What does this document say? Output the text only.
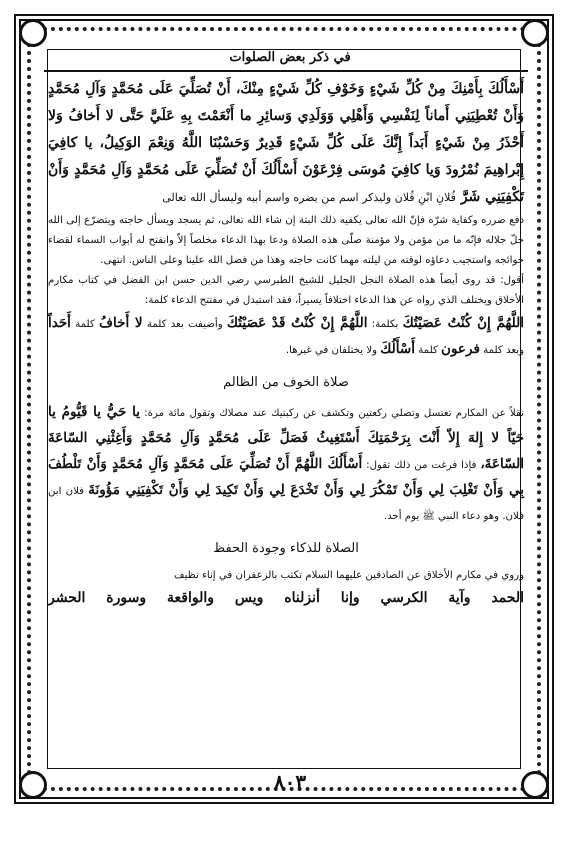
في ذكر بعض الصلوات

أَسْأَلُكَ بِأَمْنِكَ مِنْ كُلِّ شَيْءٍ وَخَوْفِ كُلِّ شَيْءٍ مِنْكَ، أَنْ تُصَلِّيَ عَلَى مُحَمَّدٍ وَآلِ مُحَمَّدٍ وَأَنْ تُعْطِيَنِي أَماناً لِنَفْسِي وَأَهْلِي وَوَلَدِي وَسائِرِ ما أَنْعَمْتَ بِهِ عَلَيَّ حَتَّى لا أَخافُ وَلا أَحْذَرُ مِنْ شَيْءٍ أَبَداً إِنَّكَ عَلَى كُلِّ شَيْءٍ قَدِيرٌ وَحَسْبُنَا اللَّهُ وَنِعْمَ الوَكِيلُ، يا كافِيَ إِبْراهِيمَ نُمْرُودَ وَيا كافِيَ مُوسَى فِرْعَوْنَ أَسْأَلُكَ أَنْ تُصَلِّيَ عَلَى مُحَمَّدٍ وَآلِ مُحَمَّدٍ وَأَنْ تَكْفِيَنِي شَرَّ فُلانِ ابْنِ فُلان ولیذکر اسم من یضره واسم أبیه ولیسأل الله تعالی

دفع ضرره وكفاية شرّه فإنّ الله تعالى يكفيه ذلك البتة إن شاء الله تعالى، ثم يسجد ويسأل حاجته ويتضرّع إلى الله جلّ جلاله فإنّه ما من مؤمن ولا مؤمنة صلّى هذه الصلاة ودعا بهذا الدعاء مخلصاً إلاّ وانفتح له أبواب السماء لقضاء حوائجه واستجيب دعاؤه لوقته من ليلته مهما كانت حاجته وهذا من فضل الله علينا وعلى الناس. انتهى.

أقول: قد روى أيضاً هذه الصلاة النجل الجليل للشيخ الطبرسي رضي الدين حسن ابن الفضل في كتاب مكارم الأخلاق ويختلف الذي رواه عن هذا الدعاء اختلافاً يسيراً، فقد استبدل في مفتتح الدعاء كلمة:

اللَّهُمَّ إِنْ كُنْتُ عَصَيْتُكَ بكلمة: اللَّهُمَّ إِنْ كُنْتُ قَدْ عَصَيْتُكَ وأضيفت بعد كلمة لا أَخافُ كلمة أَحَداً وبعد كلمة فرعون كلمة أَسْأَلُكَ ولا يختلفان في غيرها.

صلاة الخوف من الظالم

نقلاً عن المكارم تغتسل وتصلي ركعتين وتكشف عن ركبتيك عند مصلاك وتقول مائة مرة: يا حَيُّ يا قَيُّومُ يا حَيّاً لا إِلهَ إِلاّ أَنْتَ بِرَحْمَتِكَ أَسْتَغِيثُ فَصَلِّ عَلَى مُحَمَّدٍ وَآلِ مُحَمَّدٍ وَأَغِثْنِي السّاعَةَ السّاعَةَ، فإذا فرغت من ذلك تقول: أَسْأَلُكَ اللَّهُمَّ أَنْ تُصَلِّيَ عَلَى مُحَمَّدٍ وَآلِ مُحَمَّدٍ وَأَنْ تَلْطُفَ بِي وَأَنْ تَغْلِبَ لِي وَأَنْ تَمْكُرَ لِي وَأَنْ تَخْدَعَ لِي وَأَنْ تَكِيدَ لِي وَأَنْ تَكْفِيَنِي مَؤُونَةَ فلان ابن فلان. وهو دعاء النبي ﷺ يوم أحد.

الصلاة للذكاء وجودة الحفظ

وروي في مكارم الأخلاق عن الصادقين عليهما السلام تكتب بالزعفران في إناء نظيف

الحمد وآية الكرسي وإنا أنزلناه ويس والواقعة وسورة الحشر

٨٠٣
